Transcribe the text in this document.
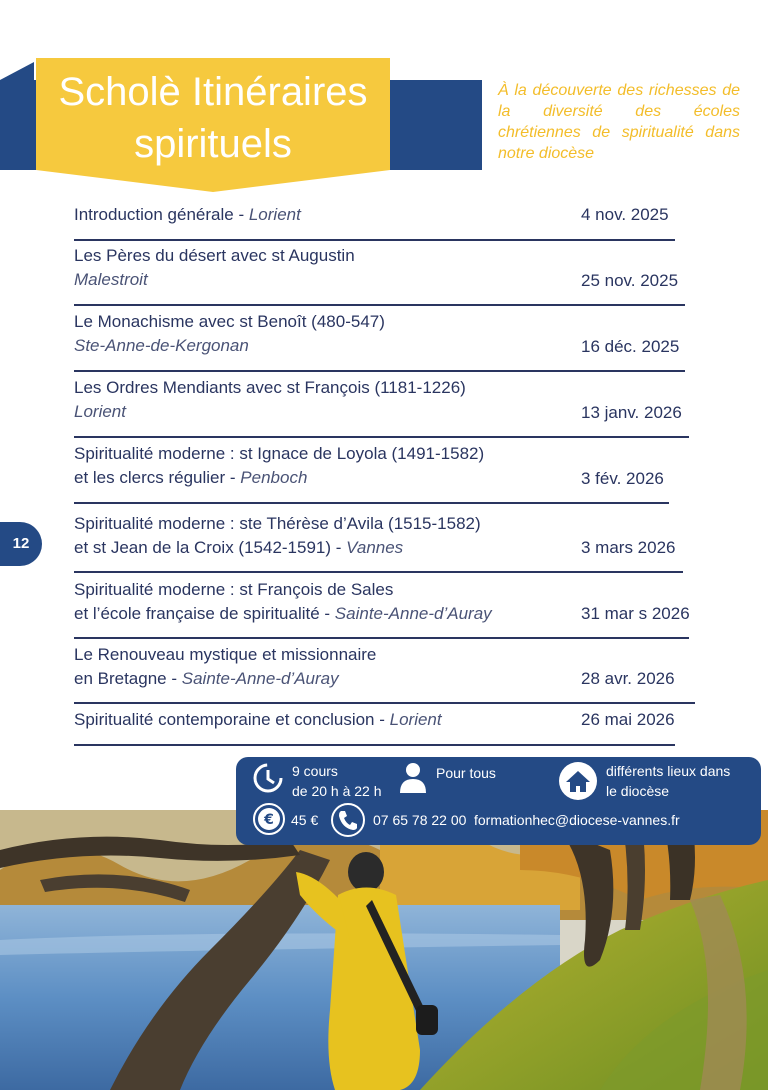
Scholè Itinéraires
spirituels
À la découverte des richesses de la diversité des écoles chrétiennes de spiritualité dans notre diocèse
12
Introduction générale - Lorient	4 nov. 2025
Les Pères du désert avec st Augustin
Malestroit	25 nov. 2025
Le Monachisme avec st Benoît (480-547)
Ste-Anne-de-Kergonan	16 déc. 2025
Les Ordres Mendiants avec st François (1181-1226)
Lorient	13 janv. 2026
Spiritualité moderne : st Ignace de Loyola (1491-1582)
et les clercs régulier - Penboch	3 fév. 2026
Spiritualité moderne : ste Thérèse d’Avila (1515-1582)
et st Jean de la Croix (1542-1591) - Vannes	3 mars 2026
Spiritualité moderne : st François de Sales
et l’école française de spiritualité - Sainte-Anne-d’Auray	31 mar s 2026
Le Renouveau mystique et missionnaire
en Bretagne - Sainte-Anne-d’Auray	28 avr. 2026
Spiritualité contemporaine et conclusion - Lorient	26 mai 2026
9 cours
de 20 h à 22 h
Pour tous	différents lieux dans
le diocèse
€ 45 €	07 65 78 22 00 formationhec@diocese-vannes.fr
